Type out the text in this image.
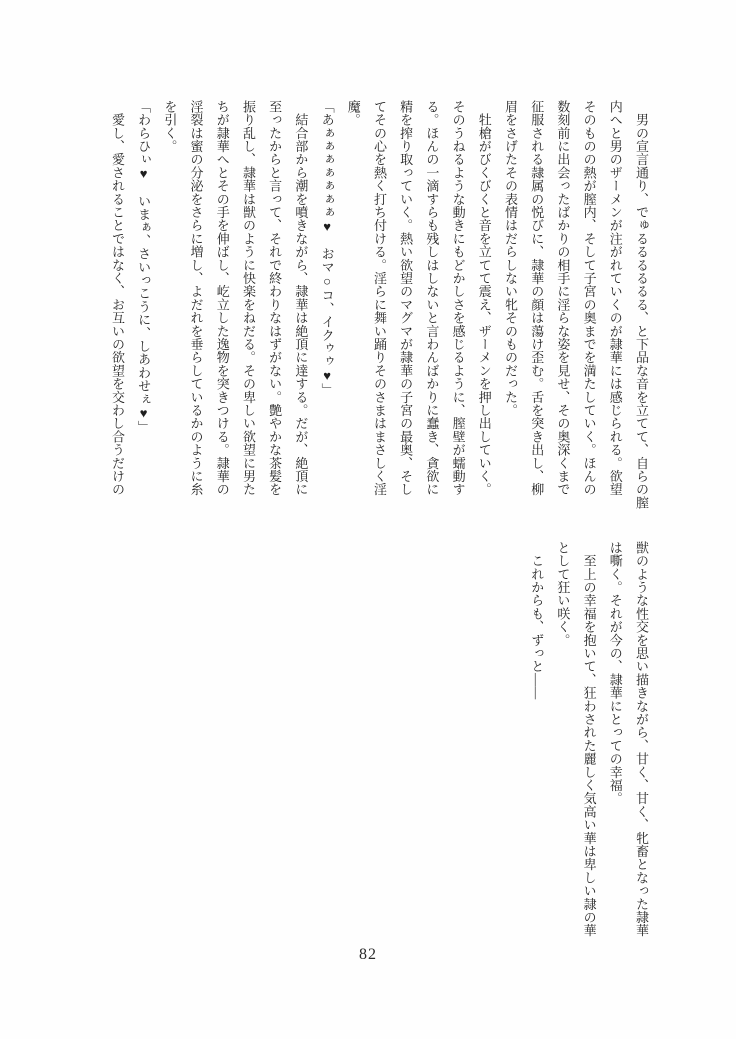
　男の宣言通り、でゅるるるるるる、と下品な音を立てて、自らの膣
内へと男のザーメンが注がれていくのが隷華には感じられる。欲望
そのものの熱が膣内、そして子宮の奥までを満たしていく。ほんの
数刻前に出会ったばかりの相手に淫らな姿を見せ、その奥深くまで
征服される隷属の悦びに、隷華の顔は蕩け歪む。舌を突き出し、柳
眉をさげたその表情はだらしない牝そのものだった。
　牡槍がびくびくと音を立てて震え、ザーメンを押し出していく。
そのうねるような動きにもどかしさを感じるように、膣壁が蠕動す
る。ほんの一滴すらも残しはしないと言わんばかりに蠢き、貪欲に
精を搾り取っていく。熱い欲望のマグマが隷華の子宮の最奥、そし
てその心を熱く打ち付ける。淫らに舞い踊りそのさまはまさしく淫
魔。
「あぁぁぁぁぁぁぁ♥　おマ○コ、イクゥゥ♥」
　結合部から潮を噴きながら、隷華は絶頂に達する。だが、絶頂に
至ったからと言って、それで終わりなはずがない。艶やかな茶髪を
振り乱し、隷華は獣のように快楽をねだる。その卑しい欲望に男た
ちが隷華へとその手を伸ばし、屹立した逸物を突きつける。隷華の
淫裂は蜜の分泌をさらに増し、よだれを垂らしているかのように糸
を引く。
「わらひぃ♥　いまぁ、さいっこうに、しあわせぇ♥」
　愛し、愛されることではなく、お互いの欲望を交わし合うだけの
獣のような性交を思い描きながら、甘く、甘く、牝畜となった隷華
は嘶く。それが今の、隷華にとっての幸福。
　至上の幸福を抱いて、狂わされた麗しく気高い華は卑しい隷の華
として狂い咲く。
　これからも、ずっと――
82
